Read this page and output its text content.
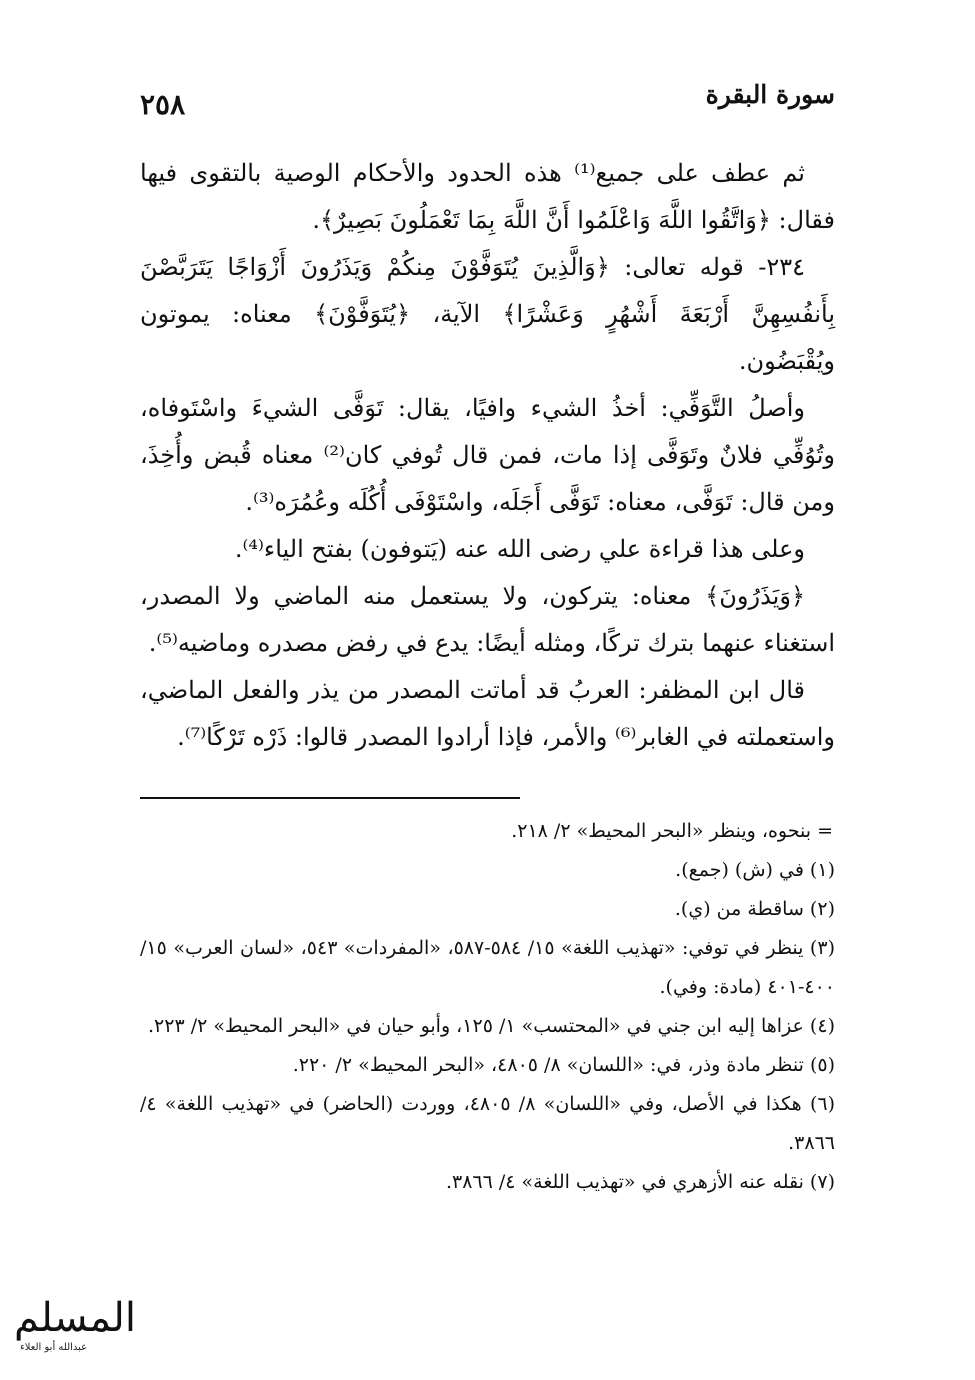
سورة البقرة
٢٥٨

ثم عطف على جميع⁽¹⁾ هذه الحدود والأحكام الوصية بالتقوى فيها فقال: ﴿وَاتَّقُوا اللَّهَ وَاعْلَمُوا أَنَّ اللَّهَ بِمَا تَعْمَلُونَ بَصِيرٌ﴾.

٢٣٤- قوله تعالى: ﴿وَالَّذِينَ يُتَوَفَّوْنَ مِنكُمْ وَيَذَرُونَ أَزْوَاجًا يَتَرَبَّصْنَ بِأَنفُسِهِنَّ أَرْبَعَةَ أَشْهُرٍ وَعَشْرًا﴾ الآية، ﴿يُتَوَفَّوْنَ﴾ معناه: يموتون ويُقْبَضُون.

وأصلُ التَّوَفِّي: أخذُ الشيء وافيًا، يقال: تَوَفَّى الشيءَ واسْتَوفاه، وتُوُفِّي فلانٌ وتَوَفَّى إذا مات، فمن قال تُوفي كان⁽²⁾ معناه قُبض وأُخِذَ، ومن قال: تَوَفَّى، معناه: تَوَفَّى أَجَلَه، واسْتَوْفَى أُكُلَه وعُمُرَه⁽³⁾.

وعلى هذا قراءة علي رضى الله عنه (يَتوفون) بفتح الياء⁽⁴⁾.

﴿وَيَذَرُونَ﴾ معناه: يتركون، ولا يستعمل منه الماضي ولا المصدر، استغناء عنهما بترك تركًا، ومثله أيضًا: يدع في رفض مصدره وماضيه⁽⁵⁾.

قال ابن المظفر: العربُ قد أماتت المصدر من يذر والفعل الماضي، واستعملته في الغابر⁽⁶⁾ والأمر، فإذا أرادوا المصدر قالوا: ذَرْه تَرْكًا⁽⁷⁾.

= بنحوه، وينظر «البحر المحيط» ٢/ ٢١٨.

(١) في (ش) (جمع).

(٢) ساقطة من (ي).

(٣) ينظر في توفي: «تهذيب اللغة» ١٥/ ٥٨٤-٥٨٧، «المفردات» ٥٤٣، «لسان العرب» ١٥/ ٤٠٠-٤٠١ (مادة: وفي).

(٤) عزاها إليه ابن جني في «المحتسب» ١/ ١٢٥، وأبو حيان في «البحر المحيط» ٢/ ٢٢٣.

(٥) تنظر مادة وذر، في: «اللسان» ٨/ ٤٨٠٥، «البحر المحيط» ٢/ ٢٢٠.

(٦) هكذا في الأصل، وفي «اللسان» ٨/ ٤٨٠٥، ووردت (الحاضر) في «تهذيب اللغة» ٤/ ٣٨٦٦.

(٧) نقله عنه الأزهري في «تهذيب اللغة» ٤/ ٣٨٦٦.

المسلم
عبدالله أبو العلاء
